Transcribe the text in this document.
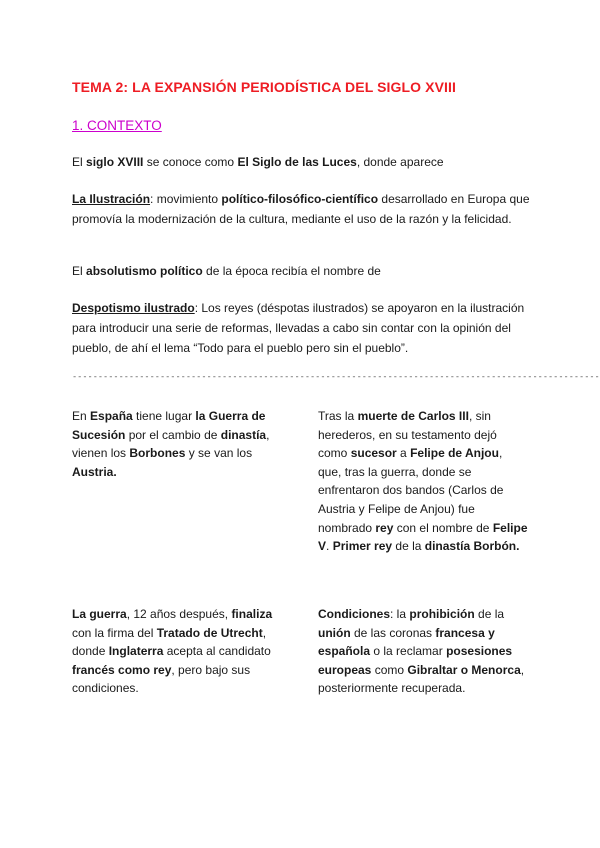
TEMA 2: LA EXPANSIÓN PERIODÍSTICA DEL SIGLO XVIII
1. CONTEXTO

El siglo XVIII se conoce como El Siglo de las Luces, donde aparece

La Ilustración: movimiento político-filosófico-científico desarrollado en Europa que promovía la modernización de la cultura, mediante el uso de la razón y la felicidad.

El absolutismo político de la época recibía el nombre de

Despotismo ilustrado: Los reyes (déspotas ilustrados) se apoyaron en la ilustración para introducir una serie de reformas, llevadas a cabo sin contar con la opinión del pueblo, de ahí el lema “Todo para el pueblo pero sin el pueblo”.

------------------------------------------------------------------------------------------------------

En España tiene lugar la Guerra de Sucesión por el cambio de dinastía, vienen los Borbones y se van los Austria.

Tras la muerte de Carlos III, sin herederos, en su testamento dejó como sucesor a Felipe de Anjou, que, tras la guerra, donde se enfrentaron dos bandos (Carlos de Austria y Felipe de Anjou) fue nombrado rey con el nombre de Felipe V. Primer rey de la dinastía Borbón.

La guerra, 12 años después, finaliza con la firma del Tratado de Utrecht, donde Inglaterra acepta al candidato francés como rey, pero bajo sus condiciones.

Condiciones: la prohibición de la unión de las coronas francesa y española o la reclamar posesiones europeas como Gibraltar o Menorca, posteriormente recuperada.
